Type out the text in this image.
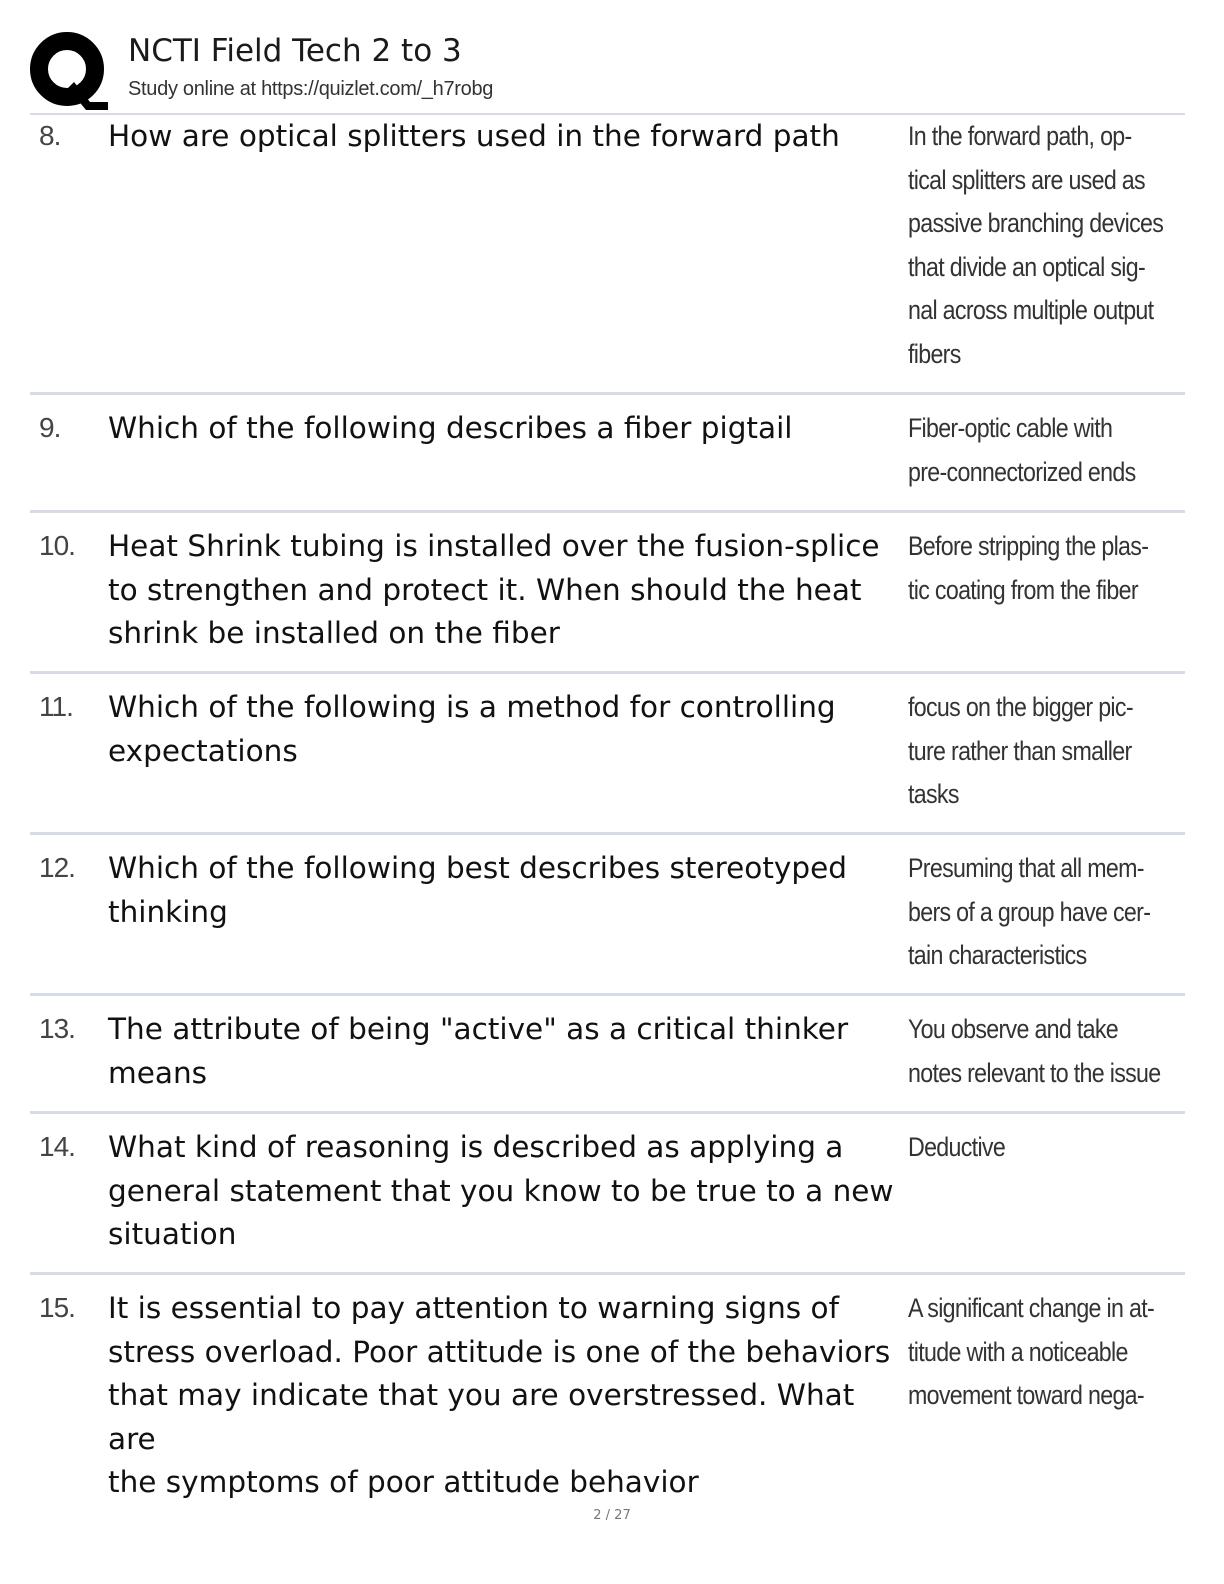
NCTI Field Tech 2 to 3
Study online at https://quizlet.com/_h7robg
8. How are optical splitters used in the forward path	In the forward path, op-
tical splitters are used as
passive branching devices
that divide an optical sig-
nal across multiple output
fibers
9. Which of the following describes a fiber pigtail	Fiber-optic cable with
pre-connectorized ends
10. Heat Shrink tubing is installed over the fusion-splice
to strengthen and protect it. When should the heat
shrink be installed on the fiber
Before stripping the plas-
tic coating from the fiber
11. Which of the following is a method for controlling
expectations
focus on the bigger pic-
ture rather than smaller
tasks
12. Which of the following best describes stereotyped
thinking
Presuming that all mem-
bers of a group have cer-
tain characteristics
13. The attribute of being "active" as a critical thinker
means
You observe and take
notes relevant to the issue
14. What kind of reasoning is described as applying a
general statement that you know to be true to a new
situation
Deductive
15. It is essential to pay attention to warning signs of
stress overload. Poor attitude is one of the behaviors
that may indicate that you are overstressed. What are
the symptoms of poor attitude behavior
A significant change in at-
titude with a noticeable
movement toward nega-
2 / 27
